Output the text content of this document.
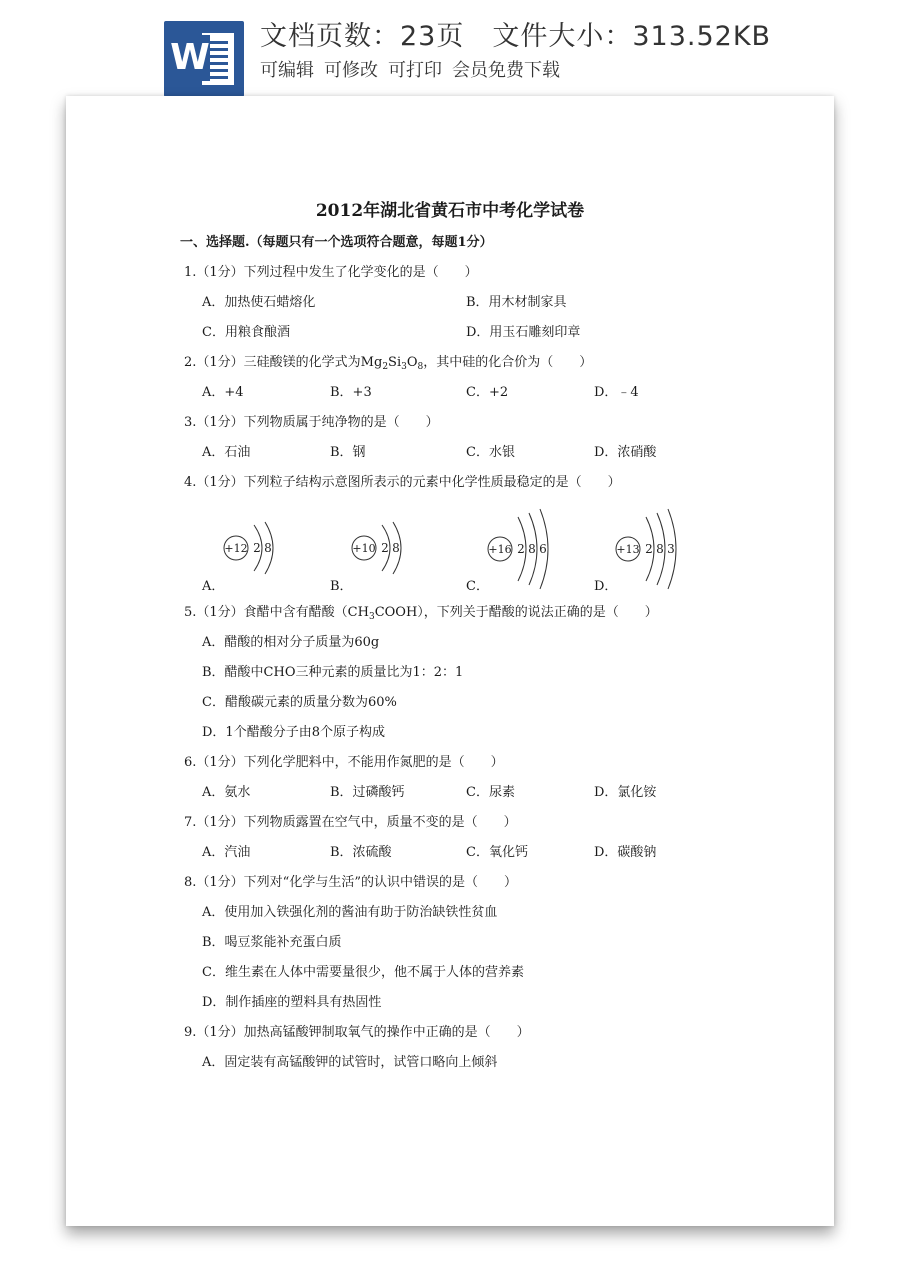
W
文档页数：23页 文件大小：313.52KB
可编辑 可修改 可打印 会员免费下载
2012年湖北省黄石市中考化学试卷
一、选择题.（每题只有一个选项符合题意，每题1分）
1.（1分）下列过程中发生了化学变化的是（　　）
A．加热使石蜡熔化	B．用木材制家具
C．用粮食酿酒	D．用玉石雕刻印章
2.（1分）三硅酸镁的化学式为$Mg_2Si_3O_8$，其中硅的化合价为（　　）
A．+4	B．+3	C．+2	D．﹣4
3.（1分）下列物质属于纯净物的是（　　）
A．石油	B．钢	C．水银	D．浓硝酸
4.（1分）下列粒子结构示意图所表示的元素中化学性质最稳定的是（　　）
+12 2 8	+10 2 8	+16 2 8 6	+13 2 8 3
A．	B．	C．	D．
5.（1分）食醋中含有醋酸$(CH_3COOH)$，下列关于醋酸的说法正确的是（　　）
A．醋酸的相对分子质量为60g
B．醋酸中CHO三种元素的质量比为1：2：1
C．醋酸碳元素的质量分数为60%
D．1个醋酸分子由8个原子构成
6.（1分）下列化学肥料中，不能用作氮肥的是（　　）
A．氨水	B．过磷酸钙	C．尿素	D．氯化铵
7.（1分）下列物质露置在空气中，质量不变的是（　　）
A．汽油	B．浓硫酸	C．氧化钙	D．碳酸钠
8.（1分）下列对“化学与生活”的认识中错误的是（　　）
A．使用加入铁强化剂的酱油有助于防治缺铁性贫血
B．喝豆浆能补充蛋白质
C．维生素在人体中需要量很少，他不属于人体的营养素
D．制作插座的塑料具有热固性
9.（1分）加热高锰酸钾制取氧气的操作中正确的是（　　）
A．固定装有高锰酸钾的试管时，试管口略向上倾斜
